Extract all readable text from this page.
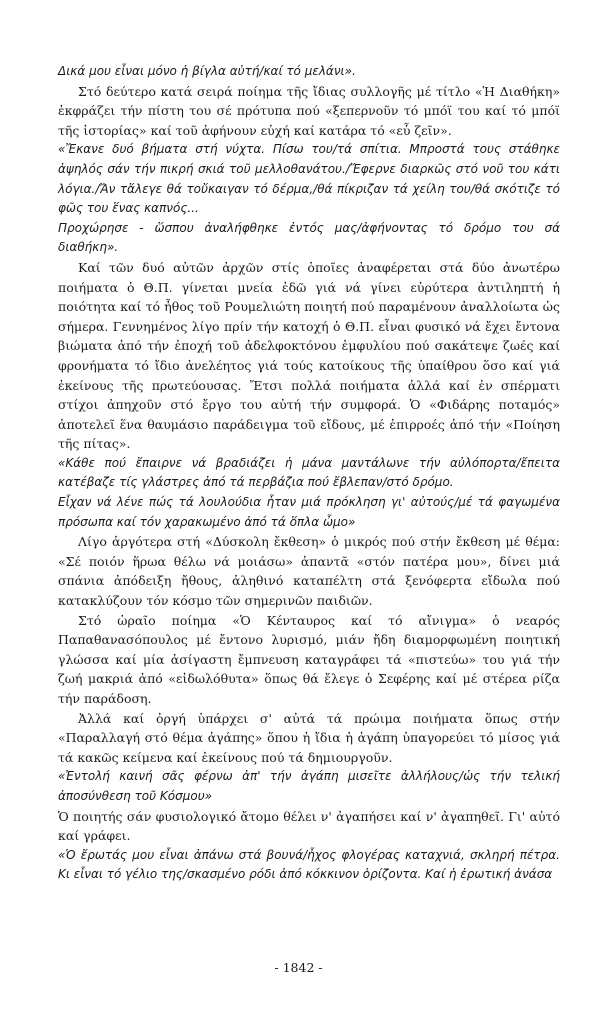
Δικά μου εἶναι μόνο ἡ βίγλα αὐτή/καί τό μελάνι».

Στό δεύτερο κατά σειρά ποίημα τῆς ἴδιας συλλογῆς μέ τίτλο «Ἡ Διαθήκη» ἐκφράζει τήν πίστη του σέ πρότυπα πού «ξεπερνοῦν τό μπόϊ του καί τό μπόϊ τῆς ἱστορίας» καί τοῦ ἀφήνουν εὐχή καί κατάρα τό «εὖ ζεῖν».

«Ἔκανε δυό βήματα στή νύχτα. Πίσω του/τά σπίτια. Μπροστά τους στάθηκε ἀψηλός σάν τήν πικρή σκιά τοῦ μελλοθανάτου./Ἔφερνε διαρκῶς στό νοῦ του κάτι λόγια./Ἄν τἄλεγε θά τοὔκαιγαν τό δέρμα,/θά πίκριζαν τά χείλη του/θά σκότιζε τό φῶς του ἕνας καπνός...

Προχώρησε - ὥσπου ἀναλήφθηκε ἐντός μας/ἀφήνοντας τό δρόμο του σά διαθήκη».

Καί τῶν δυό αὐτῶν ἀρχῶν στίς ὁποῖες ἀναφέρεται στά δύο ἀνωτέρω ποιήματα ὁ Θ.Π. γίνεται μνεία ἐδῶ γιά νά γίνει εὐρύτερα ἀντιληπτή ἡ ποιότητα καί τό ἦθος τοῦ Ρουμελιώτη ποιητή πού παραμένουν ἀναλλοίωτα ὡς σήμερα. Γεννημένος λίγο πρίν τήν κατοχή ὁ Θ.Π. εἶναι φυσικό νά ἔχει ἔντονα βιώματα ἀπό τήν ἐποχή τοῦ ἀδελφοκτόνου ἐμφυλίου πού σακάτεψε ζωές καί φρονήματα τό ἴδιο ἀνελέητος γιά τούς κατοίκους τῆς ὑπαίθρου ὅσο καί γιά ἐκείνους τῆς πρωτεύουσας. Ἔτσι πολλά ποιήματα ἀλλά καί ἐν σπέρματι στίχοι ἀπηχοῦν στό ἔργο του αὐτή τήν συμφορά. Ὁ «Φιδάρης ποταμός» ἀποτελεῖ ἕνα θαυμάσιο παράδειγμα τοῦ εἴδους, μέ ἐπιρροές ἀπό τήν «Ποίηση τῆς πίτας».

«Κάθε πού ἔπαιρνε νά βραδιάζει ἡ μάνα μαντάλωνε τήν αὐλόπορτα/ἔπειτα κατέβαζε τίς γλάστρες ἀπό τά περβάζια πού ἔβλεπαν/στό δρόμο.

Εἶχαν νά λένε πώς τά λουλούδια ἦταν μιά πρόκληση γι' αὐτούς/μέ τά φαγωμένα πρόσωπα καί τόν χαρακωμένο ἀπό τά ὅπλα ὦμο»

Λίγο ἀργότερα στή «Δύσκολη ἔκθεση» ὁ μικρός πού στήν ἔκθεση μέ θέμα: «Σέ ποιόν ἥρωα θέλω νά μοιάσω» ἀπαντᾶ «στόν πατέρα μου», δίνει μιά σπάνια ἀπόδειξη ἤθους, ἀληθινό καταπέλτη στά ξενόφερτα εἴδωλα πού κατακλύζουν τόν κόσμο τῶν σημερινῶν παιδιῶν.

Στό ὡραῖο ποίημα «Ὁ Κένταυρος καί τό αἴνιγμα» ὁ νεαρός Παπαθανασόπουλος μέ ἔντονο λυρισμό, μιάν ἤδη διαμορφωμένη ποιητική γλώσσα καί μία ἀσίγαστη ἔμπνευση καταγράφει τά «πιστεύω» του γιά τήν ζωή μακριά ἀπό «εἰδωλόθυτα» ὅπως θά ἔλεγε ὁ Σεφέρης καί μέ στέρεα ρίζα τήν παράδοση.

Ἀλλά καί ὀργή ὑπάρχει σ' αὐτά τά πρώιμα ποιήματα ὅπως στήν «Παραλλαγή στό θέμα ἀγάπης» ὅπου ἡ ἴδια ἡ ἀγάπη ὑπαγορεύει τό μίσος γιά τά κακῶς κείμενα καί ἐκείνους πού τά δημιουργοῦν.

«Ἐντολή καινή σᾶς φέρνω ἀπ' τήν ἀγάπη μισεῖτε ἀλλήλους/ὡς τήν τελική ἀποσύνθεση τοῦ Κόσμου»

Ὁ ποιητής σάν φυσιολογικό ἄτομο θέλει ν' ἀγαπήσει καί ν' ἀγαπηθεῖ. Γι' αὐτό καί γράφει.

«Ὁ ἔρωτάς μου εἶναι ἀπάνω στά βουνά/ἦχος φλογέρας καταχνιά, σκληρή πέτρα. Κι εἶναι τό γέλιο της/σκασμένο ρόδι ἀπό κόκκινον ὁρίζοντα. Καί ἡ ἐρωτική ἀνάσα

- 1842 -
